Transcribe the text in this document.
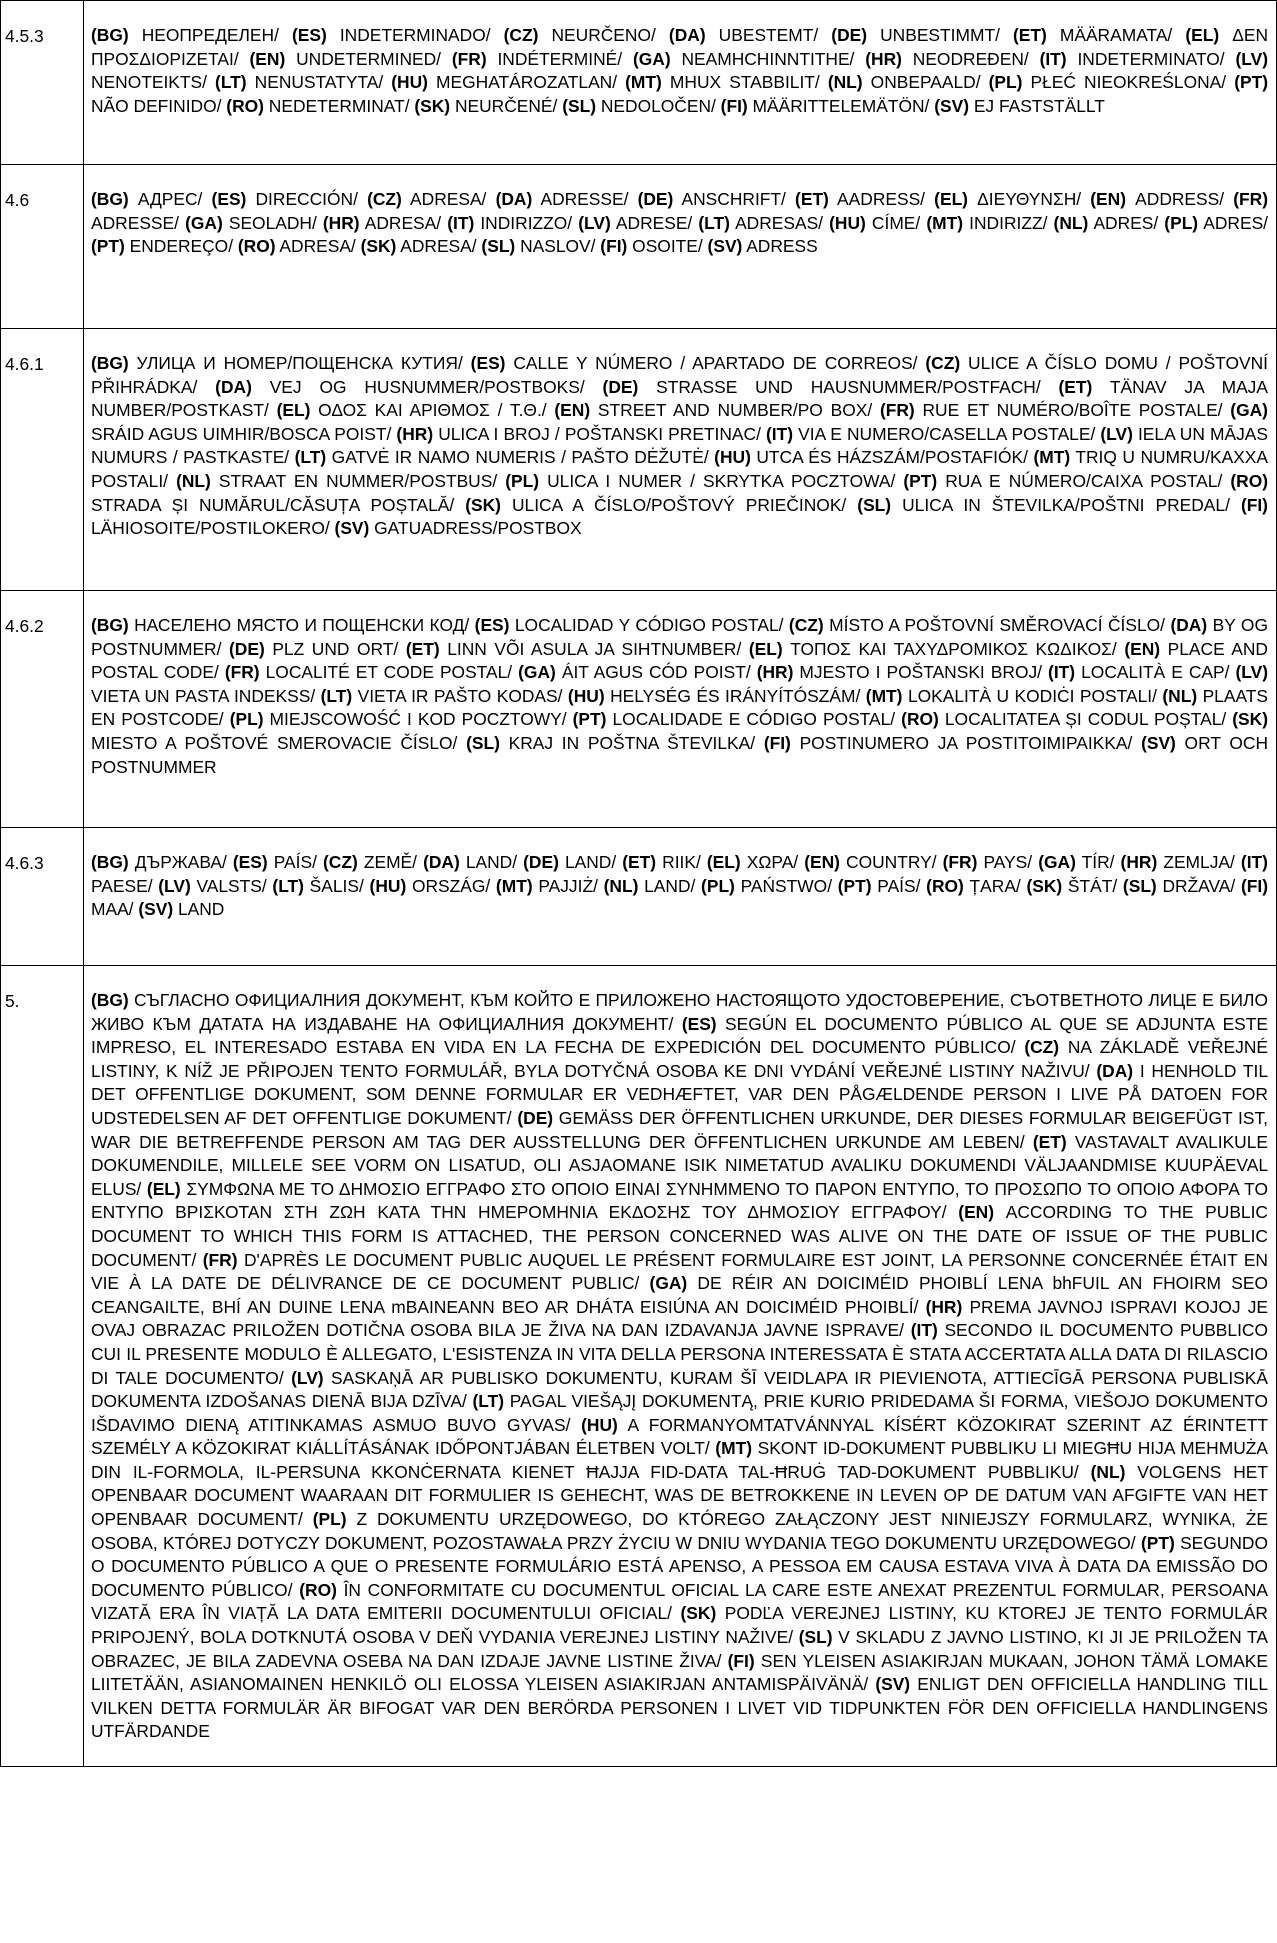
4.5.3	(BG) НЕОПРЕДЕЛЕН/ (ES) INDETERMINADO/ (CZ) NEURČENO/ (DA) UBESTEMT/ (DE) UNBESTIMMT/ (ET) MÄÄRAMATA/ (EL) ΔΕΝ ΠΡΟΣΔΙΟΡΙΖΕΤΑΙ/ (EN) UNDETERMINED/ (FR) INDÉTERMINÉ/ (GA) NEAMHCHINNTITHE/ (HR) NEODREĐEN/ (IT) INDETERMINATO/ (LV) NENOTEIKTS/ (LT) NENUSTATYTA/ (HU) MEGHATÁROZATLAN/ (MT) MHUX STABBILIT/ (NL) ONBEPAALD/ (PL) PŁEĆ NIEOKREŚLONA/ (PT) NÃO DEFINIDO/ (RO) NEDETERMINAT/ (SK) NEURČENÉ/ (SL) NEDOLOČEN/ (FI) MÄÄRITTELEMÄTÖN/ (SV) EJ FASTSTÄLLT
4.6	(BG) АДРЕС/ (ES) DIRECCIÓN/ (CZ) ADRESA/ (DA) ADRESSE/ (DE) ANSCHRIFT/ (ET) AADRESS/ (EL) ΔΙΕΥΘΥΝΣΗ/ (EN) ADDRESS/ (FR) ADRESSE/ (GA) SEOLADH/ (HR) ADRESA/ (IT) INDIRIZZO/ (LV) ADRESE/ (LT) ADRESAS/ (HU) CÍME/ (MT) INDIRIZZ/ (NL) ADRES/ (PL) ADRES/ (PT) ENDEREÇO/ (RO) ADRESA/ (SK) ADRESA/ (SL) NASLOV/ (FI) OSOITE/ (SV) ADRESS
4.6.1	(BG) УЛИЦА И НОМЕР/ПОЩЕНСКА КУТИЯ/ (ES) CALLE Y NÚMERO / APARTADO DE CORREOS/ (CZ) ULICE A ČÍSLO DOMU / POŠTOVNÍ PŘIHRÁDKA/ (DA) VEJ OG HUSNUMMER/POSTBOKS/ (DE) STRASSE UND HAUSNUMMER/POSTFACH/ (ET) TÄNAV JA MAJA NUMBER/POSTKAST/ (EL) ΟΔΟΣ ΚΑΙ ΑΡΙΘΜΟΣ / Τ.Θ./ (EN) STREET AND NUMBER/PO BOX/ (FR) RUE ET NUMÉRO/BOÎTE POSTALE/ (GA) SRÁID AGUS UIMHIR/BOSCA POIST/ (HR) ULICA I BROJ / POŠTANSKI PRETINAC/ (IT) VIA E NUMERO/CASELLA POSTALE/ (LV) IELA UN MĀJAS NUMURS / PASTKASTE/ (LT) GATVĖ IR NAMO NUMERIS / PAŠTO DĖŽUTĖ/ (HU) UTCA ÉS HÁZSZÁM/POSTAFIÓK/ (MT) TRIQ U NUMRU/KAXXA POSTALI/ (NL) STRAAT EN NUMMER/POSTBUS/ (PL) ULICA I NUMER / SKRYTKA POCZTOWA/ (PT) RUA E NÚMERO/CAIXA POSTAL/ (RO) STRADA ȘI NUMĂRUL/CĂSUȚA POȘTALĂ/ (SK) ULICA A ČÍSLO/POŠTOVÝ PRIEČINOK/ (SL) ULICA IN ŠTEVILKA/POŠTNI PREDAL/ (FI) LÄHIOSOITE/POSTILOKERO/ (SV) GATUADRESS/POSTBOX
4.6.2	(BG) НАСЕЛЕНО МЯСТО И ПОЩЕНСКИ КОД/ (ES) LOCALIDAD Y CÓDIGO POSTAL/ (CZ) MÍSTO A POŠTOVNÍ SMĚROVACÍ ČÍSLO/ (DA) BY OG POSTNUMMER/ (DE) PLZ UND ORT/ (ET) LINN VÕI ASULA JA SIHTNUMBER/ (EL) ΤΟΠΟΣ ΚΑΙ ΤΑΧΥΔΡΟΜΙΚΟΣ ΚΩΔΙΚΟΣ/ (EN) PLACE AND POSTAL CODE/ (FR) LOCALITÉ ET CODE POSTAL/ (GA) ÁIT AGUS CÓD POIST/ (HR) MJESTO I POŠTANSKI BROJ/ (IT) LOCALITÀ E CAP/ (LV) VIETA UN PASTA INDEKSS/ (LT) VIETA IR PAŠTO KODAS/ (HU) HELYSÉG ÉS IRÁNYÍTÓSZÁM/ (MT) LOKALITÀ U KODIĊI POSTALI/ (NL) PLAATS EN POSTCODE/ (PL) MIEJSCOWOŚĆ I KOD POCZTOWY/ (PT) LOCALIDADE E CÓDIGO POSTAL/ (RO) LOCALITATEA ȘI CODUL POȘTAL/ (SK) MIESTO A POŠTOVÉ SMEROVACIE ČÍSLO/ (SL) KRAJ IN POŠTNA ŠTEVILKA/ (FI) POSTINUMERO JA POSTITOIMIPAIKKA/ (SV) ORT OCH POSTNUMMER
4.6.3	(BG) ДЪРЖАВА/ (ES) PAÍS/ (CZ) ZEMĚ/ (DA) LAND/ (DE) LAND/ (ET) RIIK/ (EL) ΧΩΡΑ/ (EN) COUNTRY/ (FR) PAYS/ (GA) TÍR/ (HR) ZEMLJA/ (IT) PAESE/ (LV) VALSTS/ (LT) ŠALIS/ (HU) ORSZÁG/ (MT) PAJJIŻ/ (NL) LAND/ (PL) PAŃSTWO/ (PT) PAÍS/ (RO) ȚARA/ (SK) ŠTÁT/ (SL) DRŽAVA/ (FI) MAA/ (SV) LAND
5.	(BG) СЪГЛАСНО ОФИЦИАЛНИЯ ДОКУМЕНТ, КЪМ КОЙТО Е ПРИЛОЖЕНО НАСТОЯЩОТО УДОСТОВЕРЕНИЕ, СЪОТВЕТНОТО ЛИЦЕ Е БИЛО ЖИВО КЪМ ДАТАТА НА ИЗДАВАНЕ НА ОФИЦИАЛНИЯ ДОКУМЕНТ/ (ES) SEGÚN EL DOCUMENTO PÚBLICO AL QUE SE ADJUNTA ESTE IMPRESO, EL INTERESADO ESTABA EN VIDA EN LA FECHA DE EXPEDICIÓN DEL DOCUMENTO PÚBLICO/ (CZ) NA ZÁKLADĚ VEŘEJNÉ LISTINY, K NÍŽ JE PŘIPOJEN TENTO FORMULÁŘ, BYLA DOTYČNÁ OSOBA KE DNI VYDÁNÍ VEŘEJNÉ LISTINY NAŽIVU/ (DA) I HENHOLD TIL DET OFFENTLIGE DOKUMENT, SOM DENNE FORMULAR ER VEDHÆFTET, VAR DEN PÅGÆLDENDE PERSON I LIVE PÅ DATOEN FOR UDSTEDELSEN AF DET OFFENTLIGE DOKUMENT/ (DE) GEMÄSS DER ÖFFENTLICHEN URKUNDE, DER DIESES FORMULAR BEIGEFÜGT IST, WAR DIE BETREFFENDE PERSON AM TAG DER AUSSTELLUNG DER ÖFFENTLICHEN URKUNDE AM LEBEN/ (ET) VASTAVALT AVALIKULE DOKUMENDILE, MILLELE SEE VORM ON LISATUD, OLI ASJAOMANE ISIK NIMETATUD AVALIKU DOKUMENDI VÄLJAANDMISE KUUPÄEVAL ELUS/ (EL) ΣΥΜΦΩΝΑ ΜΕ ΤΟ ΔΗΜΟΣΙΟ ΕΓΓΡΑΦΟ ΣΤΟ ΟΠΟΙΟ ΕΙΝΑΙ ΣΥΝΗΜΜΕΝΟ ΤΟ ΠΑΡΟΝ ΕΝΤΥΠΟ, ΤΟ ΠΡΟΣΩΠΟ ΤΟ ΟΠΟΙΟ ΑΦΟΡΑ ΤΟ ΕΝΤΥΠΟ ΒΡΙΣΚΟΤΑΝ ΣΤΗ ΖΩΗ ΚΑΤΑ ΤΗΝ ΗΜΕΡΟΜΗΝΙΑ ΕΚΔΟΣΗΣ ΤΟΥ ΔΗΜΟΣΙΟΥ ΕΓΓΡΑΦΟΥ/ (EN) ACCORDING TO THE PUBLIC DOCUMENT TO WHICH THIS FORM IS ATTACHED, THE PERSON CONCERNED WAS ALIVE ON THE DATE OF ISSUE OF THE PUBLIC DOCUMENT/ (FR) D'APRÈS LE DOCUMENT PUBLIC AUQUEL LE PRÉSENT FORMULAIRE EST JOINT, LA PERSONNE CONCERNÉE ÉTAIT EN VIE À LA DATE DE DÉLIVRANCE DE CE DOCUMENT PUBLIC/ (GA) DE RÉIR AN DOICIMÉID PHOIBLÍ LENA bhFUIL AN FHOIRM SEO CEANGAILTE, BHÍ AN DUINE LENA mBAINEANN BEO AR DHÁTA EISIÚNA AN DOICIMÉID PHOIBLÍ/ (HR) PREMA JAVNOJ ISPRAVI KOJOJ JE OVAJ OBRAZAC PRILOŽEN DOTIČNA OSOBA BILA JE ŽIVA NA DAN IZDAVANJA JAVNE ISPRAVE/ (IT) SECONDO IL DOCUMENTO PUBBLICO CUI IL PRESENTE MODULO È ALLEGATO, L'ESISTENZA IN VITA DELLA PERSONA INTERESSATA È STATA ACCERTATA ALLA DATA DI RILASCIO DI TALE DOCUMENTO/ (LV) SASKAŅĀ AR PUBLISKO DOKUMENTU, KURAM ŠĪ VEIDLAPA IR PIEVIENOTA, ATTIECĪGĀ PERSONA PUBLISKĀ DOKUMENTA IZDOŠANAS DIENĀ BIJA DZĪVA/ (LT) PAGAL VIEŠĄJĮ DOKUMENTĄ, PRIE KURIO PRIDEDAMA ŠI FORMA, VIEŠOJO DOKUMENTO IŠDAVIMO DIENĄ ATITINKAMAS ASMUO BUVO GYVAS/ (HU) A FORMANYOMTATVÁNNYAL KÍSÉRT KÖZOKIRAT SZERINT AZ ÉRINTETT SZEMÉLY A KÖZOKIRAT KIÁLLÍTÁSÁNAK IDŐPONTJÁBAN ÉLETBEN VOLT/ (MT) SKONT ID-DOKUMENT PUBBLIKU LI MIEGĦU HIJA MEHMUŻA DIN IL-FORMOLA, IL-PERSUNA KKONĊERNATA KIENET ĦAJJA FID-DATA TAL-ĦRUĠ TAD-DOKUMENT PUBBLIKU/ (NL) VOLGENS HET OPENBAAR DOCUMENT WAARAAN DIT FORMULIER IS GEHECHT, WAS DE BETROKKENE IN LEVEN OP DE DATUM VAN AFGIFTE VAN HET OPENBAAR DOCUMENT/ (PL) Z DOKUMENTU URZĘDOWEGO, DO KTÓREGO ZAŁĄCZONY JEST NINIEJSZY FORMULARZ, WYNIKA, ŻE OSOBA, KTÓREJ DOTYCZY DOKUMENT, POZOSTAWAŁA PRZY ŻYCIU W DNIU WYDANIA TEGO DOKUMENTU URZĘDOWEGO/ (PT) SEGUNDO O DOCUMENTO PÚBLICO A QUE O PRESENTE FORMULÁRIO ESTÁ APENSO, A PESSOA EM CAUSA ESTAVA VIVA À DATA DA EMISSÃO DO DOCUMENTO PÚBLICO/ (RO) ÎN CONFORMITATE CU DOCUMENTUL OFICIAL LA CARE ESTE ANEXAT PREZENTUL FORMULAR, PERSOANA VIZATĂ ERA ÎN VIAȚĂ LA DATA EMITERII DOCUMENTULUI OFICIAL/ (SK) PODĽA VEREJNEJ LISTINY, KU KTOREJ JE TENTO FORMULÁR PRIPOJENÝ, BOLA DOTKNUTÁ OSOBA V DEŇ VYDANIA VEREJNEJ LISTINY NAŽIVE/ (SL) V SKLADU Z JAVNO LISTINO, KI JI JE PRILOŽEN TA OBRAZEC, JE BILA ZADEVNA OSEBA NA DAN IZDAJE JAVNE LISTINE ŽIVA/ (FI) SEN YLEISEN ASIAKIRJAN MUKAAN, JOHON TÄMÄ LOMAKE LIITETÄÄN, ASIANOMAINEN HENKILÖ OLI ELOSSA YLEISEN ASIAKIRJAN ANTAMISPÄIVÄNÄ/ (SV) ENLIGT DEN OFFICIELLA HANDLING TILL VILKEN DETTA FORMULÄR ÄR BIFOGAT VAR DEN BERÖRDA PERSONEN I LIVET VID TIDPUNKTEN FÖR DEN OFFICIELLA HANDLINGENS UTFÄRDANDE
